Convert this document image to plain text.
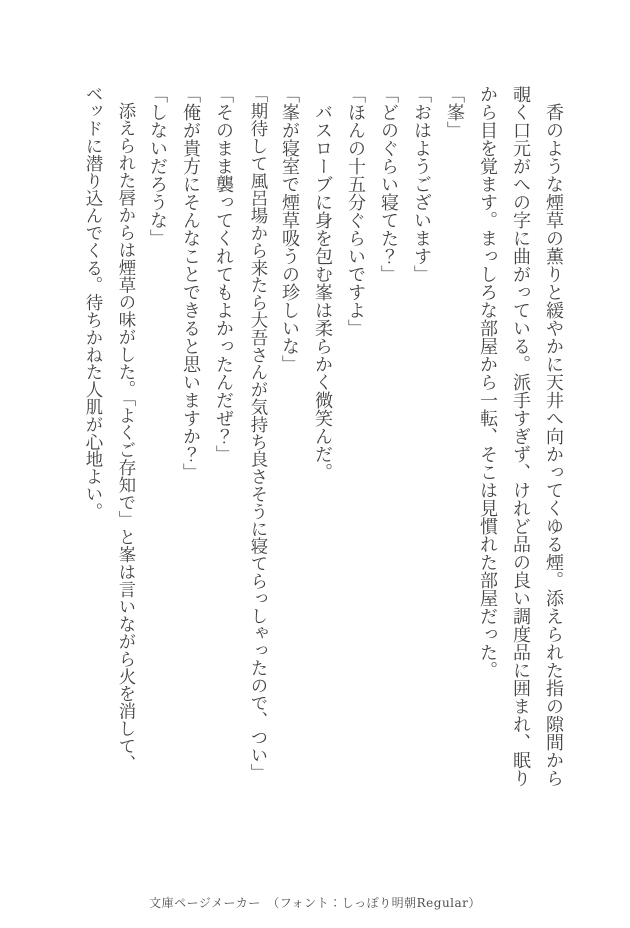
香のような煙草の薫りと緩やかに天井へ向かってくゆる煙。添えられた指の隙間から覗く口元がへの字に曲がっている。派手すぎず、けれど品の良い調度品に囲まれ、眠りから目を覚ます。まっしろな部屋から一転、そこは見慣れた部屋だった。

「峯」

「おはようございます」

「どのぐらい寝てた？」

「ほんの十五分ぐらいですよ」

バスローブに身を包む峯は柔らかく微笑んだ。

「峯が寝室で煙草吸うの珍しいな」

「期待して風呂場から来たら大吾さんが気持ち良さそうに寝てらっしゃったので、つい」

「そのまま襲ってくれてもよかったんだぜ？」

「俺が貴方にそんなことできると思いますか？」

「しないだろうな」

添えられた唇からは煙草の味がした。「よくご存知で」と峯は言いながら火を消して、ベッドに潜り込んでくる。待ちかねた人肌が心地よい。

文庫ページメーカー　（フォント：しっぽり明朝Regular）
